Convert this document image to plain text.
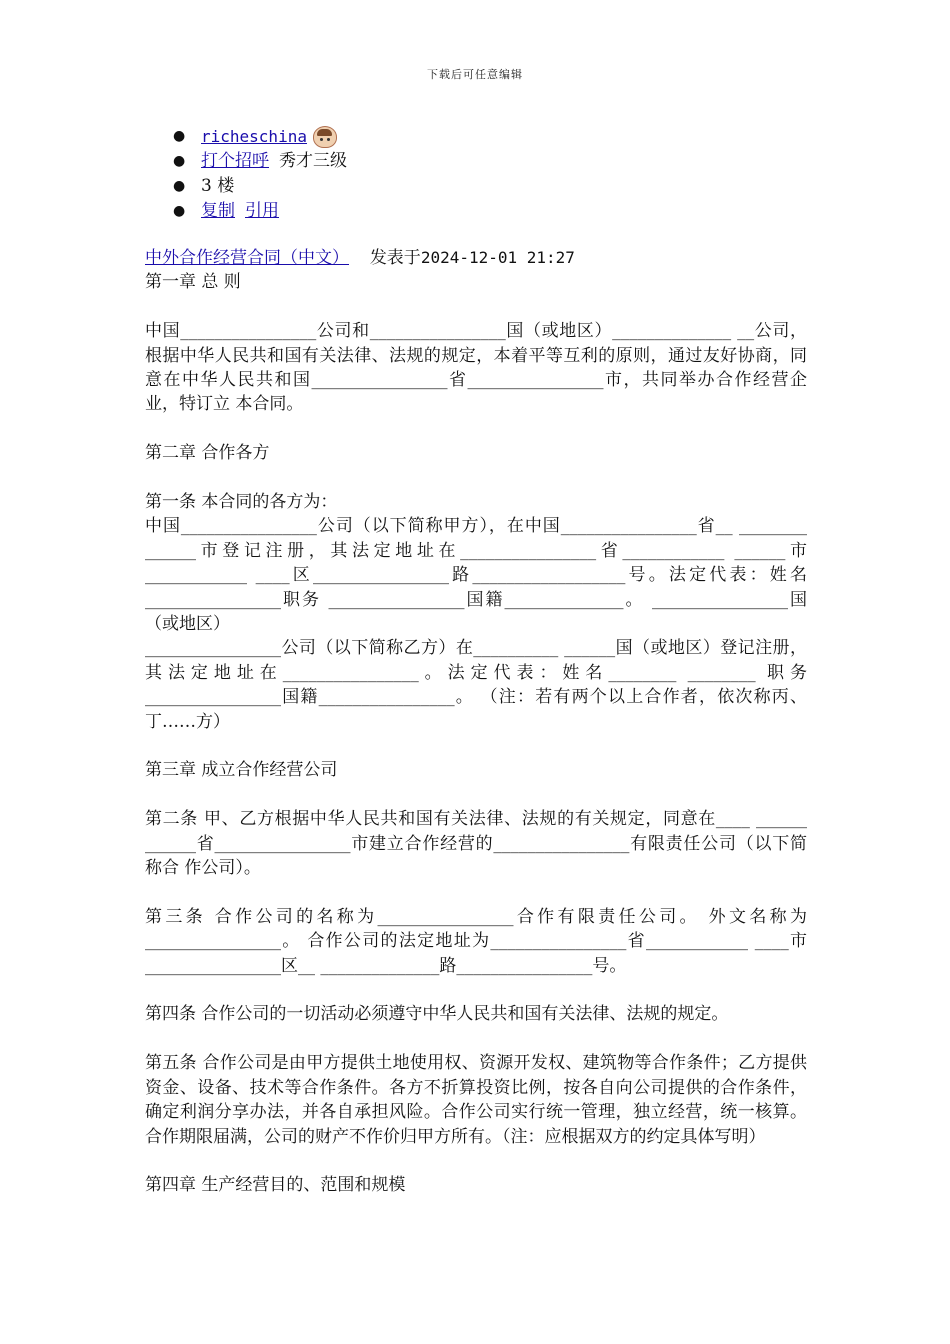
下载后可任意编辑
● richeschina
● 打个招呼 秀才三级
● 3 楼
● 复制 引用

中外合作经营合同（中文） 发表于2024-12-01 21:27

第一章 总 则

中国________________公司和________________国（或地区）______________ __公司， 根据中华人民共和国有关法律、法规的规定，本着平等互利的原则，通过友好协商，同意在中华人民共和国________________省________________市，共同举办合作经营企业，特订立 本合同。

第二章 合作各方

第一条 本合同的各方为：
中国________________公司（以下简称甲方），在中国________________省__ ________ ______市登记注册，其法定地址在________________省____________ ______市____________ ____区________________路__________________号。法定代表：姓名________________职务 ________________国籍______________。 ________________国（或地区）
________________公司（以下简称乙方）在__________ ______国（或地区）登记注册，其法定地址在________________。法定代表：姓名________ ________ 职务________________国籍________________。 （注：若有两个以上合作者，依次称丙、丁……方）

第三章 成立合作经营公司

第二条 甲、乙方根据中华人民共和国有关法律、法规的有关规定，同意在____ ______ ______省________________市建立合作经营的________________有限责任公司（以下简称合 作公司）。

第三条 合作公司的名称为________________合作有限责任公司。 外文名称为________________。 合作公司的法定地址为________________省____________ ____市________________区__ ______________路________________号。

第四条 合作公司的一切活动必须遵守中华人民共和国有关法律、法规的规定。

第五条 合作公司是由甲方提供土地使用权、资源开发权、建筑物等合作条件；乙方提供资金、设备、技术等合作条件。各方不折算投资比例，按各自向公司提供的合作条件，确定利润分享办法，并各自承担风险。合作公司实行统一管理，独立经营，统一核算。合作期限届满，公司的财产不作价归甲方所有。（注：应根据双方的约定具体写明）

第四章 生产经营目的、范围和规模
